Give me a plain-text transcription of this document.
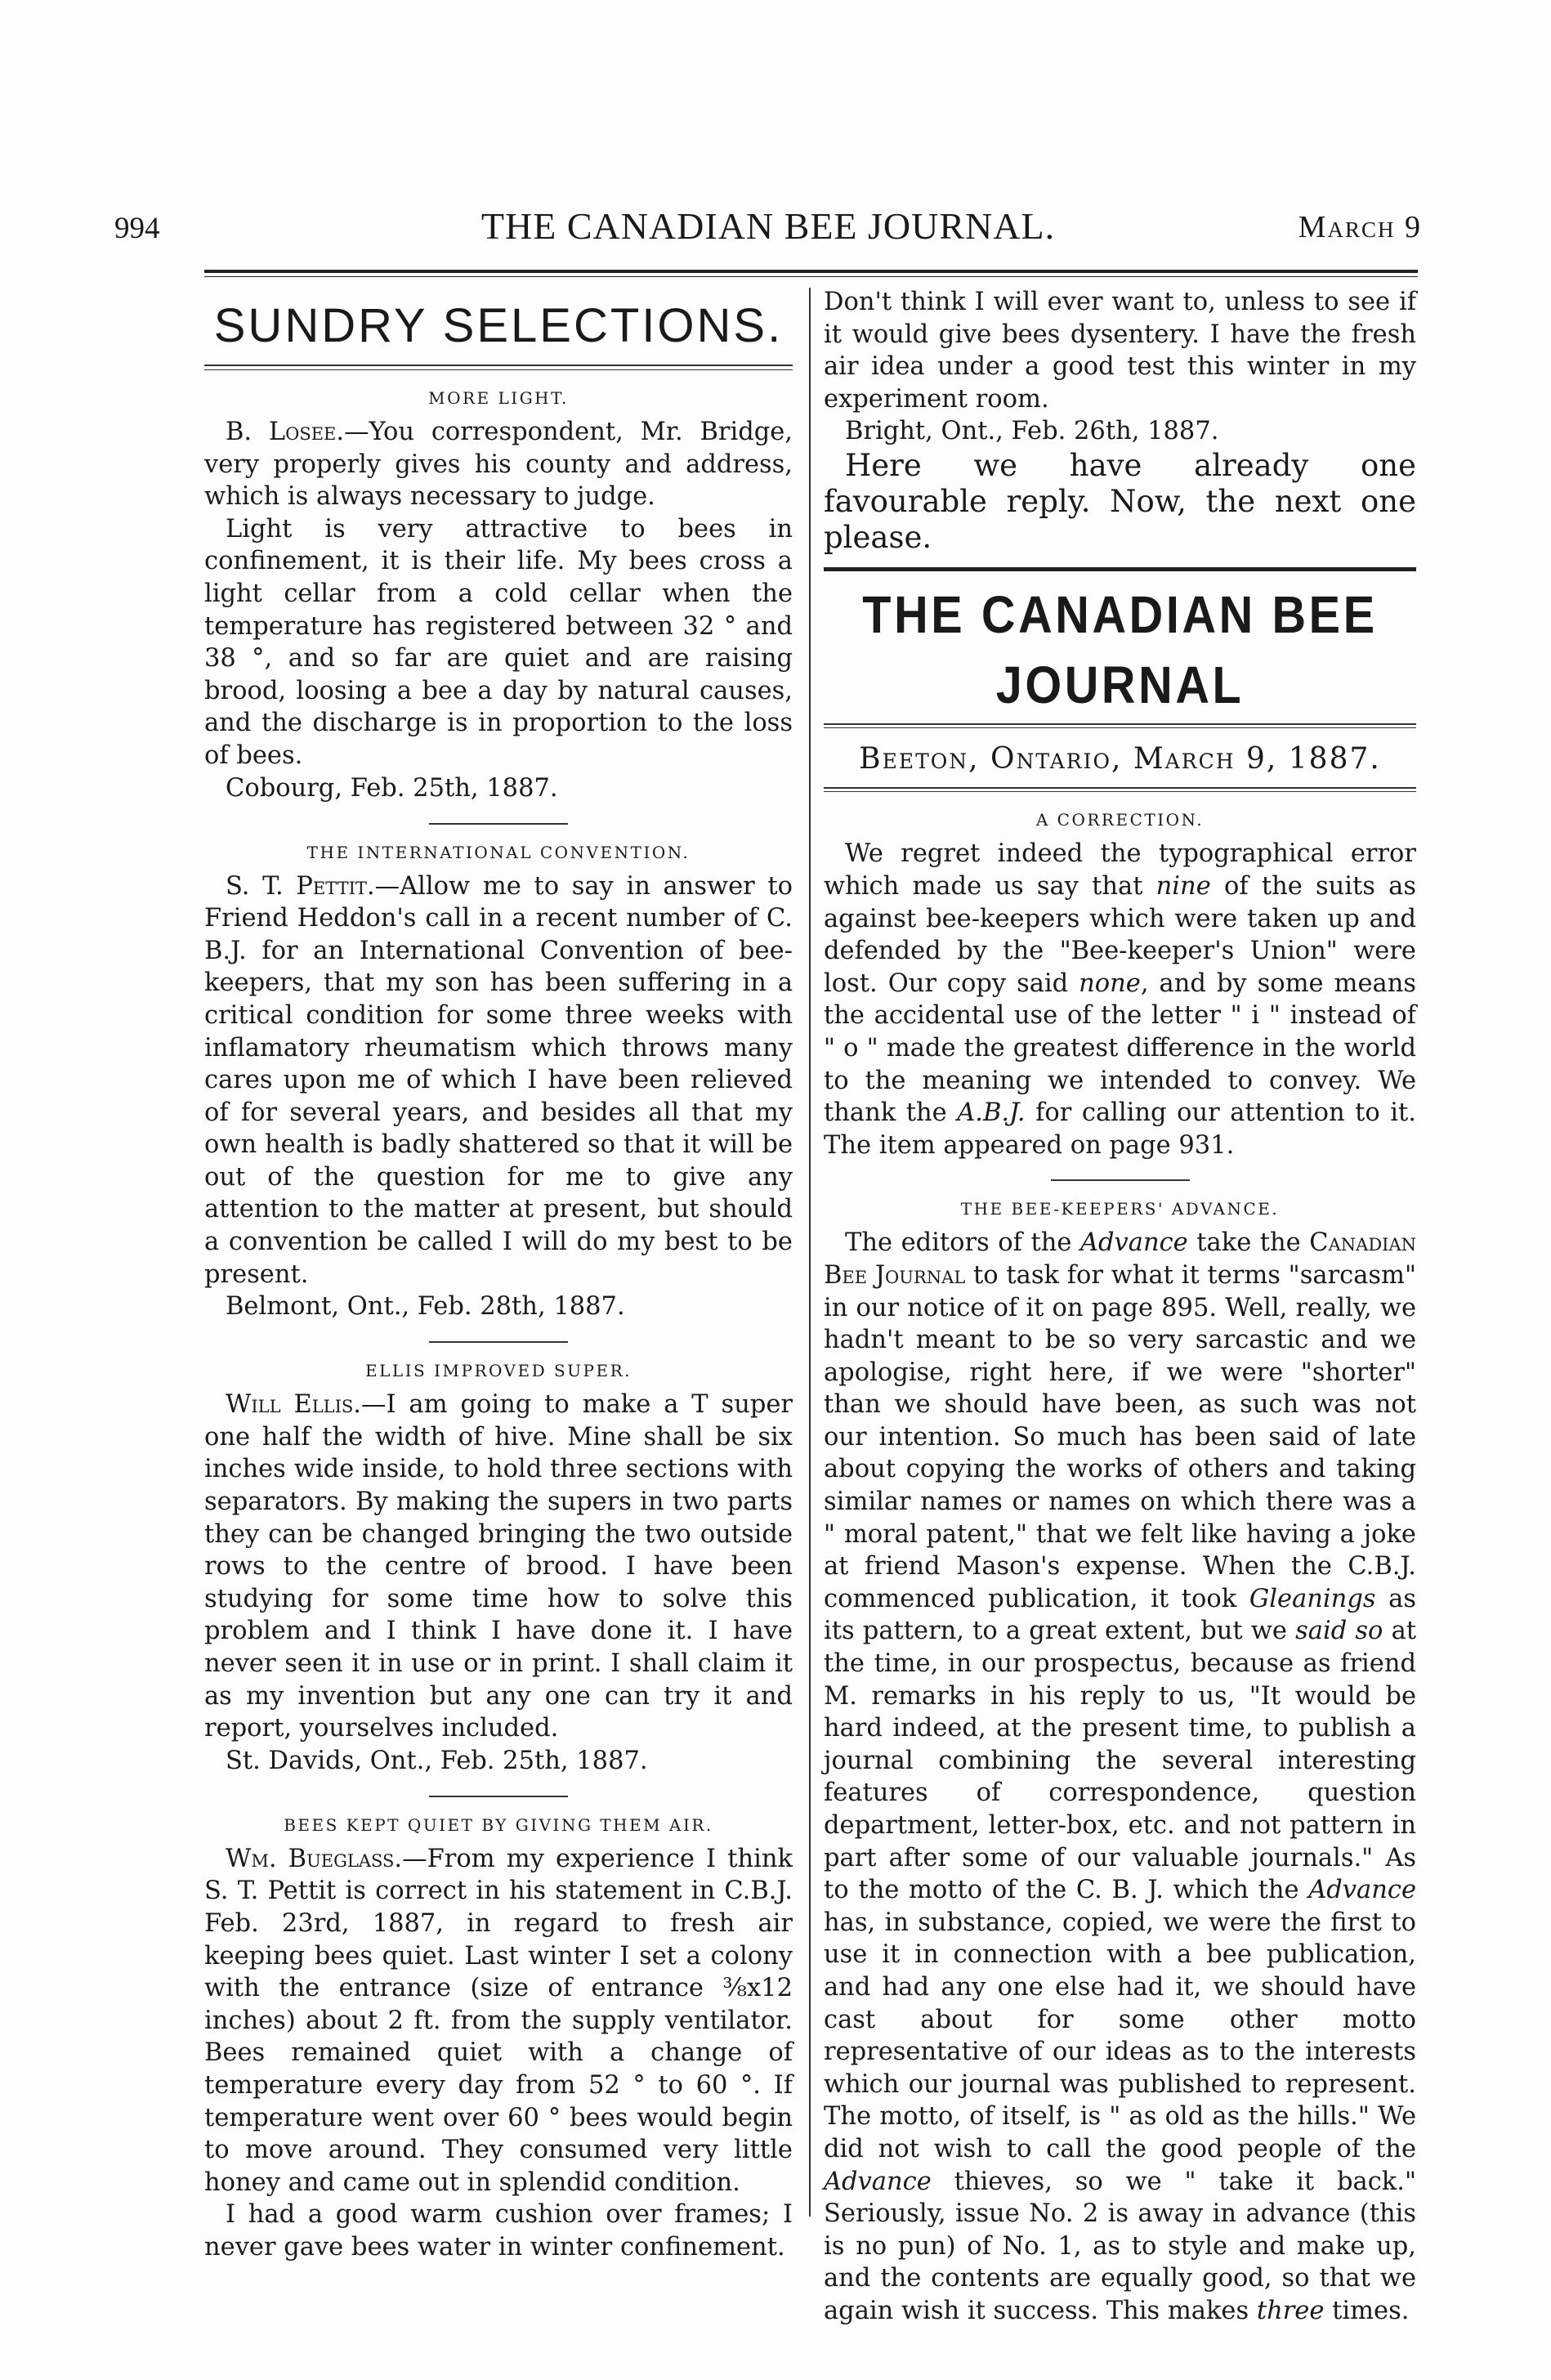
994	THE CANADIAN BEE JOURNAL.	March 9
SUNDRY SELECTIONS.
MORE LIGHT.

B. Losee.—You correspondent, Mr. Bridge, very properly gives his county and address, which is always necessary to judge.

Light is very attractive to bees in confinement, it is their life. My bees cross a light cellar from a cold cellar when the temperature has registered between 32 ° and 38 °, and so far are quiet and are raising brood, loosing a bee a day by natural causes, and the discharge is in proportion to the loss of bees.

Cobourg, Feb. 25th, 1887.

THE INTERNATIONAL CONVENTION.

S. T. Pettit.—Allow me to say in answer to Friend Heddon's call in a recent number of C. B.J. for an International Convention of bee-keepers, that my son has been suffering in a critical condition for some three weeks with inflamatory rheumatism which throws many cares upon me of which I have been relieved of for several years, and besides all that my own health is badly shattered so that it will be out of the question for me to give any attention to the matter at present, but should a convention be called I will do my best to be present.

Belmont, Ont., Feb. 28th, 1887.

ELLIS IMPROVED SUPER.

Will Ellis.—I am going to make a T super one half the width of hive. Mine shall be six inches wide inside, to hold three sections with separators. By making the supers in two parts they can be changed bringing the two outside rows to the centre of brood. I have been studying for some time how to solve this problem and I think I have done it. I have never seen it in use or in print. I shall claim it as my invention but any one can try it and report, yourselves included.

St. Davids, Ont., Feb. 25th, 1887.

BEES KEPT QUIET BY GIVING THEM AIR.

Wm. Bueglass.—From my experience I think S. T. Pettit is correct in his statement in C.B.J. Feb. 23rd, 1887, in regard to fresh air keeping bees quiet. Last winter I set a colony with the entrance (size of entrance ⅜x12 inches) about 2 ft. from the supply ventilator. Bees remained quiet with a change of temperature every day from 52 ° to 60 °. If temperature went over 60 ° bees would begin to move around. They consumed very little honey and came out in splendid condition.

I had a good warm cushion over frames; I never gave bees water in winter confinement.

Don't think I will ever want to, unless to see if it would give bees dysentery. I have the fresh air idea under a good test this winter in my experiment room.

Bright, Ont., Feb. 26th, 1887.

Here we have already one favourable reply. Now, the next one please.

THE CANADIAN BEE JOURNAL
Beeton, Ontario, March 9, 1887.
A CORRECTION.

We regret indeed the typographical error which made us say that nine of the suits as against bee-keepers which were taken up and defended by the "Bee-keeper's Union" were lost. Our copy said none, and by some means the accidental use of the letter " i " instead of " o " made the greatest difference in the world to the meaning we intended to convey. We thank the A.B.J. for calling our attention to it. The item appeared on page 931.

THE BEE-KEEPERS' ADVANCE.

The editors of the Advance take the Canadian Bee Journal to task for what it terms "sarcasm" in our notice of it on page 895. Well, really, we hadn't meant to be so very sarcastic and we apologise, right here, if we were "shorter" than we should have been, as such was not our intention. So much has been said of late about copying the works of others and taking similar names or names on which there was a " moral patent," that we felt like having a joke at friend Mason's expense. When the C.B.J. commenced publication, it took Gleanings as its pattern, to a great extent, but we said so at the time, in our prospectus, because as friend M. remarks in his reply to us, "It would be hard indeed, at the present time, to publish a journal combining the several interesting features of correspondence, question department, letter-box, etc. and not pattern in part after some of our valuable journals." As to the motto of the C. B. J. which the Advance has, in substance, copied, we were the first to use it in connection with a bee publication, and had any one else had it, we should have cast about for some other motto representative of our ideas as to the interests which our journal was published to represent. The motto, of itself, is " as old as the hills." We did not wish to call the good people of the Advance thieves, so we " take it back." Seriously, issue No. 2 is away in advance (this is no pun) of No. 1, as to style and make up, and the contents are equally good, so that we again wish it success. This makes three times.
